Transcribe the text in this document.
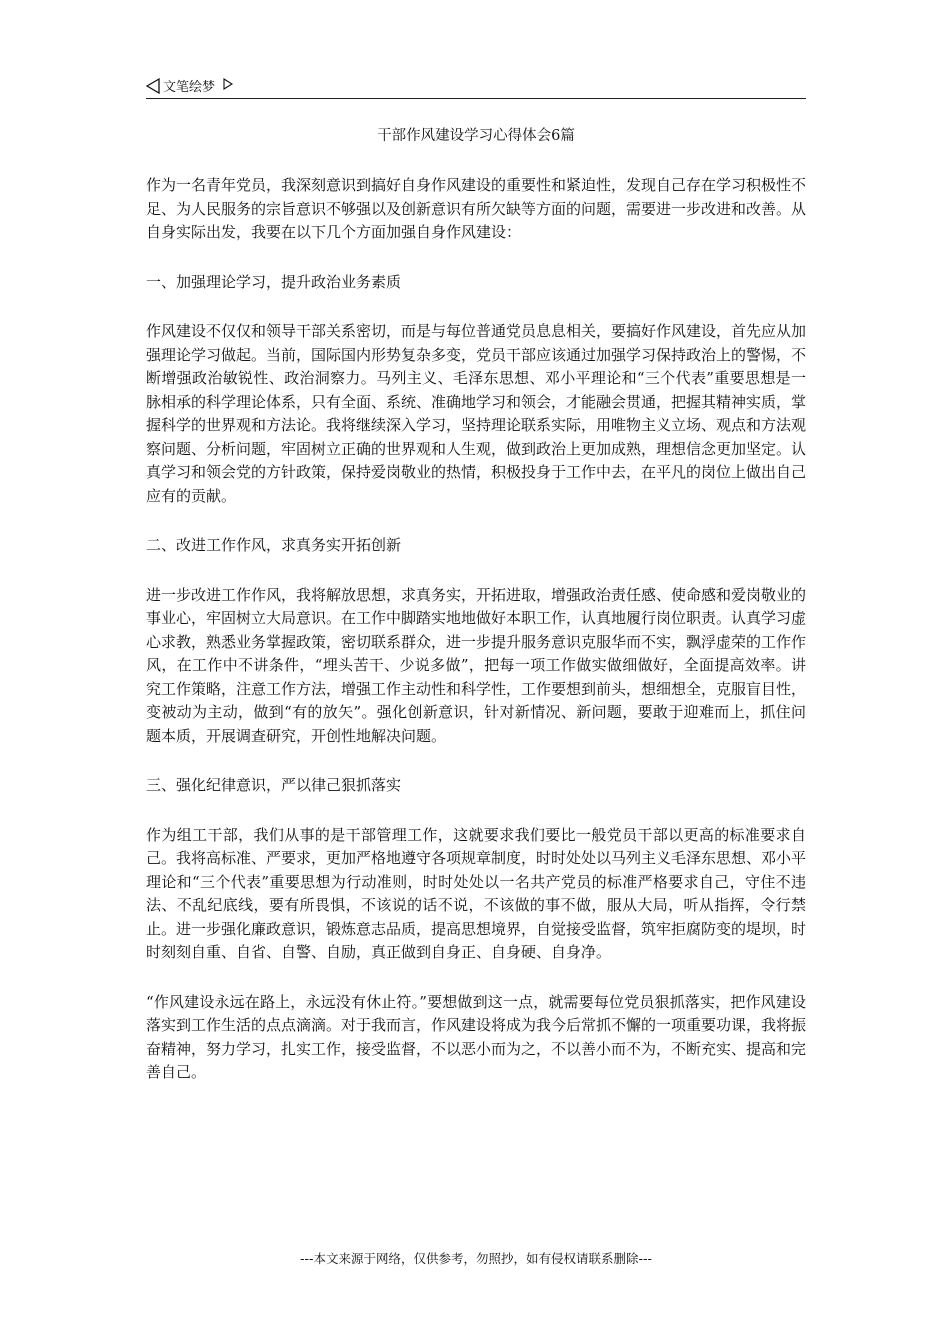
文笔绘梦
干部作风建设学习心得体会6篇

作为一名青年党员，我深刻意识到搞好自身作风建设的重要性和紧迫性，发现自己存在学习积极性不足、为人民服务的宗旨意识不够强以及创新意识有所欠缺等方面的问题，需要进一步改进和改善。从自身实际出发，我要在以下几个方面加强自身作风建设：

一、加强理论学习，提升政治业务素质

作风建设不仅仅和领导干部关系密切，而是与每位普通党员息息相关，要搞好作风建设，首先应从加强理论学习做起。当前，国际国内形势复杂多变，党员干部应该通过加强学习保持政治上的警惕，不断增强政治敏锐性、政治洞察力。马列主义、毛泽东思想、邓小平理论和“三个代表”重要思想是一脉相承的科学理论体系，只有全面、系统、准确地学习和领会，才能融会贯通，把握其精神实质，掌握科学的世界观和方法论。我将继续深入学习，坚持理论联系实际，用唯物主义立场、观点和方法观察问题、分析问题，牢固树立正确的世界观和人生观，做到政治上更加成熟，理想信念更加坚定。认真学习和领会党的方针政策，保持爱岗敬业的热情，积极投身于工作中去，在平凡的岗位上做出自己应有的贡献。

二、改进工作作风，求真务实开拓创新

进一步改进工作作风，我将解放思想，求真务实，开拓进取，增强政治责任感、使命感和爱岗敬业的事业心，牢固树立大局意识。在工作中脚踏实地地做好本职工作，认真地履行岗位职责。认真学习虚心求教，熟悉业务掌握政策，密切联系群众，进一步提升服务意识克服华而不实，飘浮虚荣的工作作风，在工作中不讲条件，“埋头苦干、少说多做”，把每一项工作做实做细做好，全面提高效率。讲究工作策略，注意工作方法，增强工作主动性和科学性，工作要想到前头，想细想全，克服盲目性，变被动为主动，做到“有的放矢”。强化创新意识，针对新情况、新问题，要敢于迎难而上，抓住问题本质，开展调查研究，开创性地解决问题。

三、强化纪律意识，严以律己狠抓落实

作为组工干部，我们从事的是干部管理工作，这就要求我们要比一般党员干部以更高的标准要求自己。我将高标准、严要求，更加严格地遵守各项规章制度，时时处处以马列主义毛泽东思想、邓小平理论和“三个代表”重要思想为行动准则，时时处处以一名共产党员的标准严格要求自己，守住不违法、不乱纪底线，要有所畏惧，不该说的话不说，不该做的事不做，服从大局，听从指挥，令行禁止。进一步强化廉政意识，锻炼意志品质，提高思想境界，自觉接受监督，筑牢拒腐防变的堤坝，时时刻刻自重、自省、自警、自励，真正做到自身正、自身硬、自身净。

“作风建设永远在路上，永远没有休止符。”要想做到这一点，就需要每位党员狠抓落实，把作风建设落实到工作生活的点点滴滴。对于我而言，作风建设将成为我今后常抓不懈的一项重要功课，我将振奋精神，努力学习，扎实工作，接受监督，不以恶小而为之，不以善小而不为，不断充实、提高和完善自己。

---本文来源于网络，仅供参考，勿照抄，如有侵权请联系删除---
